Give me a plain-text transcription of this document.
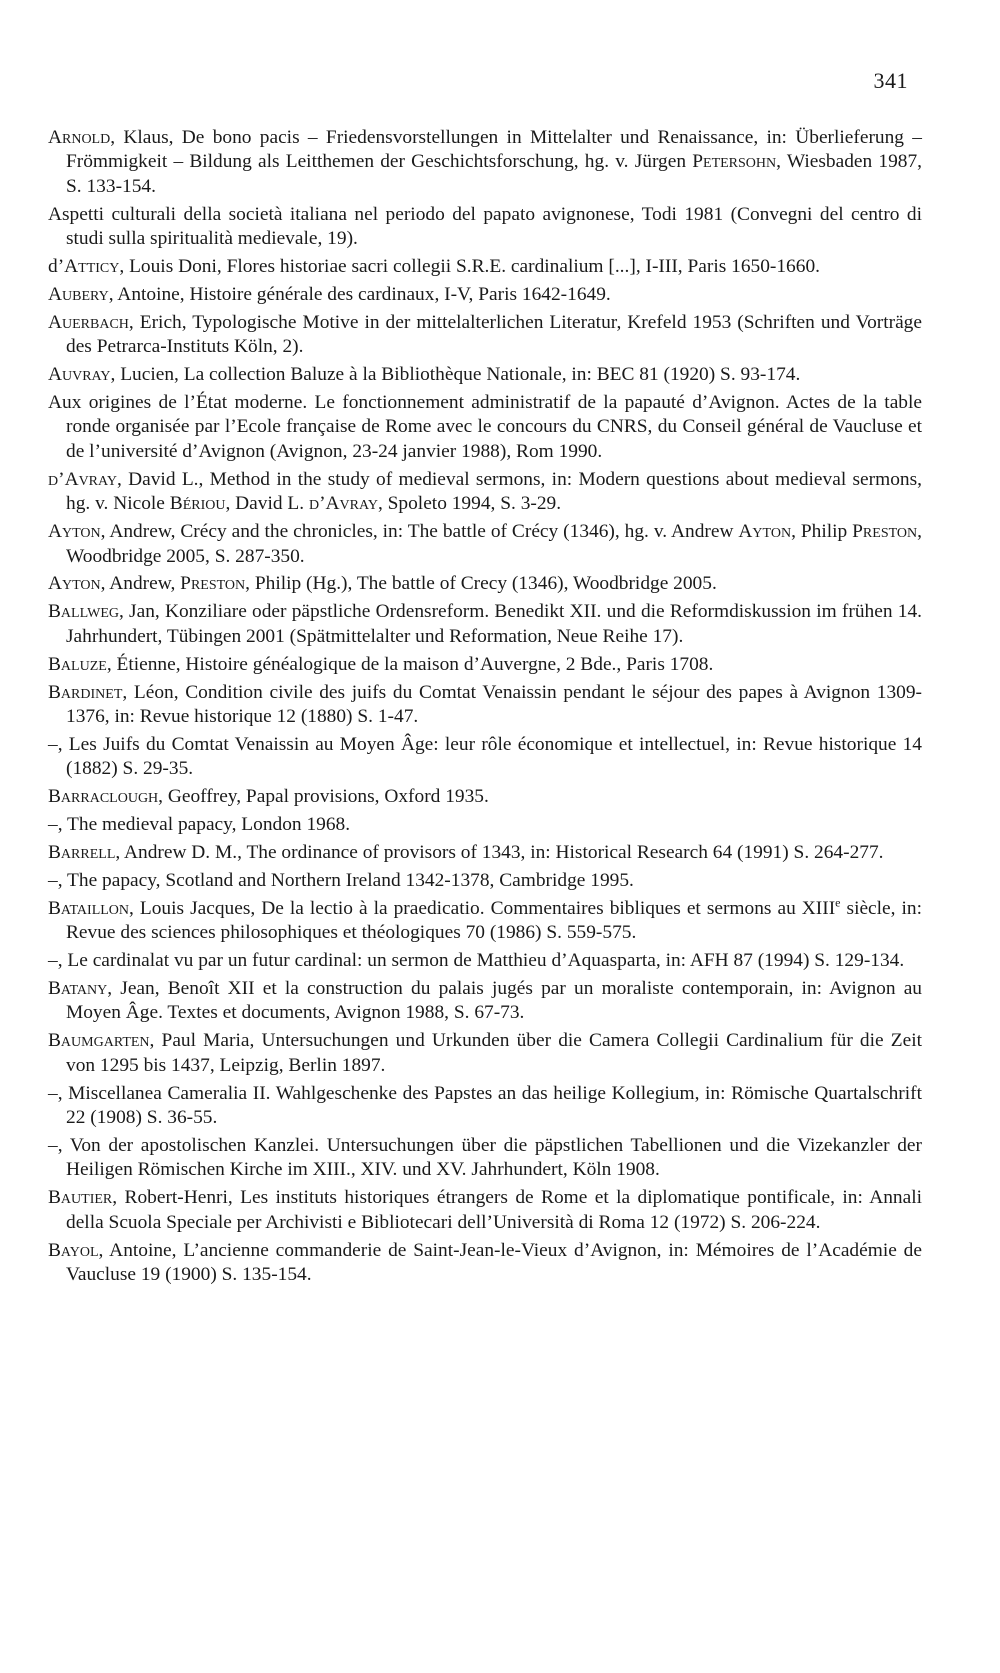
341

Arnold, Klaus, De bono pacis – Friedensvorstellungen in Mittelalter und Renaissance, in: Überlieferung – Frömmigkeit – Bildung als Leitthemen der Geschichtsforschung, hg. v. Jürgen Petersohn, Wiesbaden 1987, S. 133-154.

Aspetti culturali della società italiana nel periodo del papato avignonese, Todi 1981 (Convegni del centro di studi sulla spiritualità medievale, 19).

d’Atticy, Louis Doni, Flores historiae sacri collegii S.R.E. cardinalium [...], I-III, Paris 1650-1660.

Aubery, Antoine, Histoire générale des cardinaux, I-V, Paris 1642-1649.

Auerbach, Erich, Typologische Motive in der mittelalterlichen Literatur, Krefeld 1953 (Schriften und Vorträge des Petrarca-Instituts Köln, 2).

Auvray, Lucien, La collection Baluze à la Bibliothèque Nationale, in: BEC 81 (1920) S. 93-174.

Aux origines de l’État moderne. Le fonctionnement administratif de la papauté d’Avignon. Actes de la table ronde organisée par l’Ecole française de Rome avec le concours du CNRS, du Conseil général de Vaucluse et de l’université d’Avignon (Avignon, 23-24 janvier 1988), Rom 1990.

d’Avray, David L., Method in the study of medieval sermons, in: Modern questions about medieval sermons, hg. v. Nicole Bériou, David L. d’Avray, Spoleto 1994, S. 3-29.

Ayton, Andrew, Crécy and the chronicles, in: The battle of Crécy (1346), hg. v. Andrew Ayton, Philip Preston, Woodbridge 2005, S. 287-350.

Ayton, Andrew, Preston, Philip (Hg.), The battle of Crecy (1346), Woodbridge 2005.

Ballweg, Jan, Konziliare oder päpstliche Ordensreform. Benedikt XII. und die Reformdiskussion im frühen 14. Jahrhundert, Tübingen 2001 (Spätmittelalter und Reformation, Neue Reihe 17).

Baluze, Étienne, Histoire généalogique de la maison d’Auvergne, 2 Bde., Paris 1708.

Bardinet, Léon, Condition civile des juifs du Comtat Venaissin pendant le séjour des papes à Avignon 1309-1376, in: Revue historique 12 (1880) S. 1-47.

–, Les Juifs du Comtat Venaissin au Moyen Âge: leur rôle économique et intellectuel, in: Revue historique 14 (1882) S. 29-35.

Barraclough, Geoffrey, Papal provisions, Oxford 1935.

–, The medieval papacy, London 1968.

Barrell, Andrew D. M., The ordinance of provisors of 1343, in: Historical Research 64 (1991) S. 264-277.

–, The papacy, Scotland and Northern Ireland 1342-1378, Cambridge 1995.

Bataillon, Louis Jacques, De la lectio à la praedicatio. Commentaires bibliques et sermons au XIIIe siècle, in: Revue des sciences philosophiques et théologiques 70 (1986) S. 559-575.

–, Le cardinalat vu par un futur cardinal: un sermon de Matthieu d’Aquasparta, in: AFH 87 (1994) S. 129-134.

Batany, Jean, Benoît XII et la construction du palais jugés par un moraliste contemporain, in: Avignon au Moyen Âge. Textes et documents, Avignon 1988, S. 67-73.

Baumgarten, Paul Maria, Untersuchungen und Urkunden über die Camera Collegii Cardinalium für die Zeit von 1295 bis 1437, Leipzig, Berlin 1897.

–, Miscellanea Cameralia II. Wahlgeschenke des Papstes an das heilige Kollegium, in: Römische Quartalschrift 22 (1908) S. 36-55.

–, Von der apostolischen Kanzlei. Untersuchungen über die päpstlichen Tabellionen und die Vizekanzler der Heiligen Römischen Kirche im XIII., XIV. und XV. Jahrhundert, Köln 1908.

Bautier, Robert-Henri, Les instituts historiques étrangers de Rome et la diplomatique pontificale, in: Annali della Scuola Speciale per Archivisti e Bibliotecari dell’Università di Roma 12 (1972) S. 206-224.

Bayol, Antoine, L’ancienne commanderie de Saint-Jean-le-Vieux d’Avignon, in: Mémoires de l’Académie de Vaucluse 19 (1900) S. 135-154.
